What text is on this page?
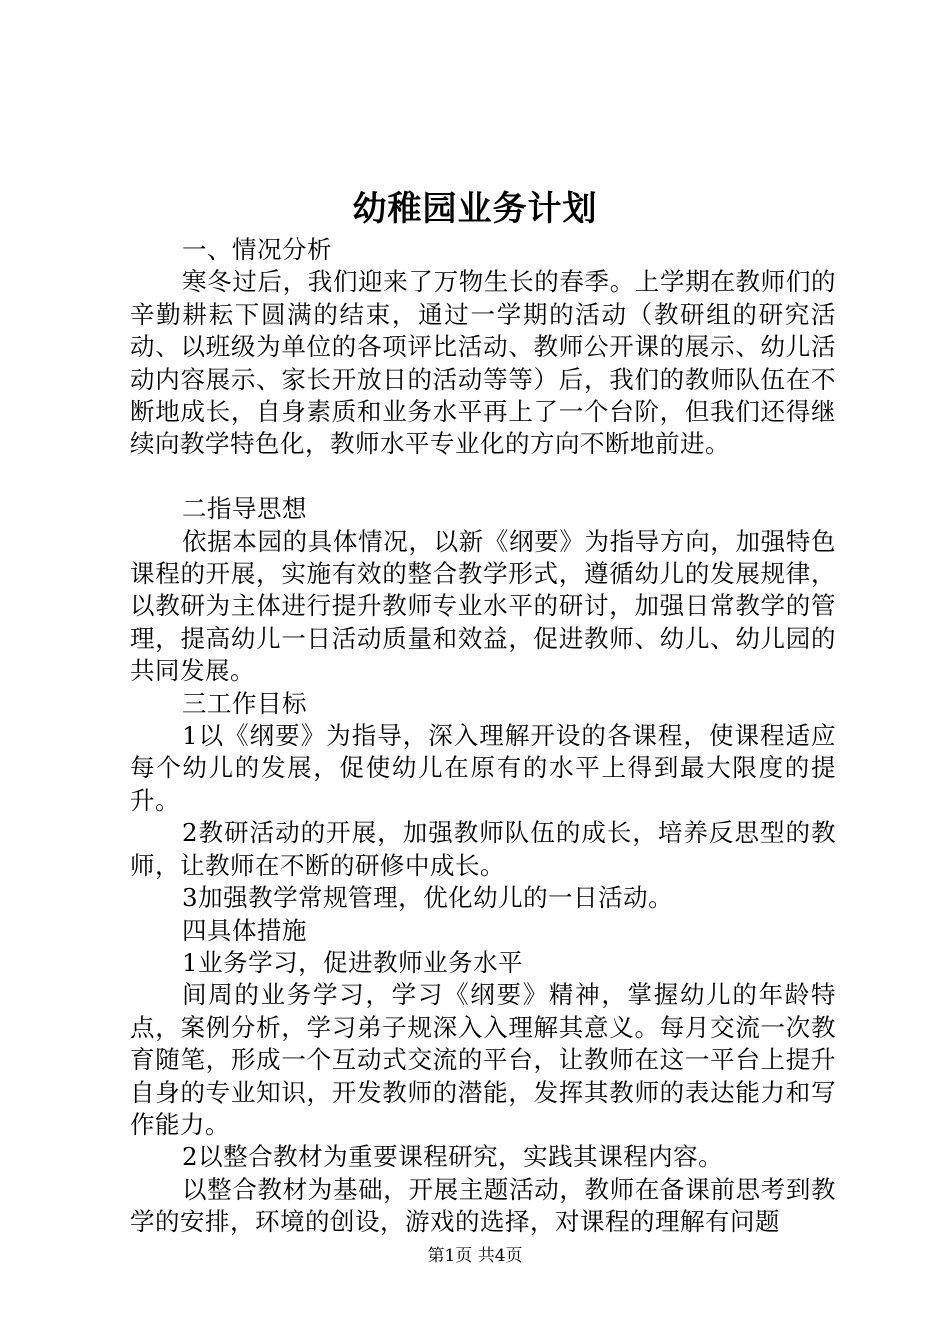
幼稚园业务计划

一、情况分析

寒冬过后，我们迎来了万物生长的春季。上学期在教师们的辛勤耕耘下圆满的结束，通过一学期的活动（教研组的研究活动、以班级为单位的各项评比活动、教师公开课的展示、幼儿活动内容展示、家长开放日的活动等等）后，我们的教师队伍在不断地成长，自身素质和业务水平再上了一个台阶，但我们还得继续向教学特色化，教师水平专业化的方向不断地前进。

二指导思想

依据本园的具体情况，以新《纲要》为指导方向，加强特色课程的开展，实施有效的整合教学形式，遵循幼儿的发展规律，以教研为主体进行提升教师专业水平的研讨，加强日常教学的管理，提高幼儿一日活动质量和效益，促进教师、幼儿、幼儿园的共同发展。

三工作目标

1以《纲要》为指导，深入理解开设的各课程，使课程适应每个幼儿的发展，促使幼儿在原有的水平上得到最大限度的提升。

2教研活动的开展，加强教师队伍的成长，培养反思型的教师，让教师在不断的研修中成长。

3加强教学常规管理，优化幼儿的一日活动。

四具体措施

1业务学习，促进教师业务水平

间周的业务学习，学习《纲要》精神，掌握幼儿的年龄特点，案例分析，学习弟子规深入入理解其意义。每月交流一次教育随笔，形成一个互动式交流的平台，让教师在这一平台上提升自身的专业知识，开发教师的潜能，发挥其教师的表达能力和写作能力。

2以整合教材为重要课程研究，实践其课程内容。

以整合教材为基础，开展主题活动，教师在备课前思考到教学的安排，环境的创设，游戏的选择，对课程的理解有问题

第1页 共4页
